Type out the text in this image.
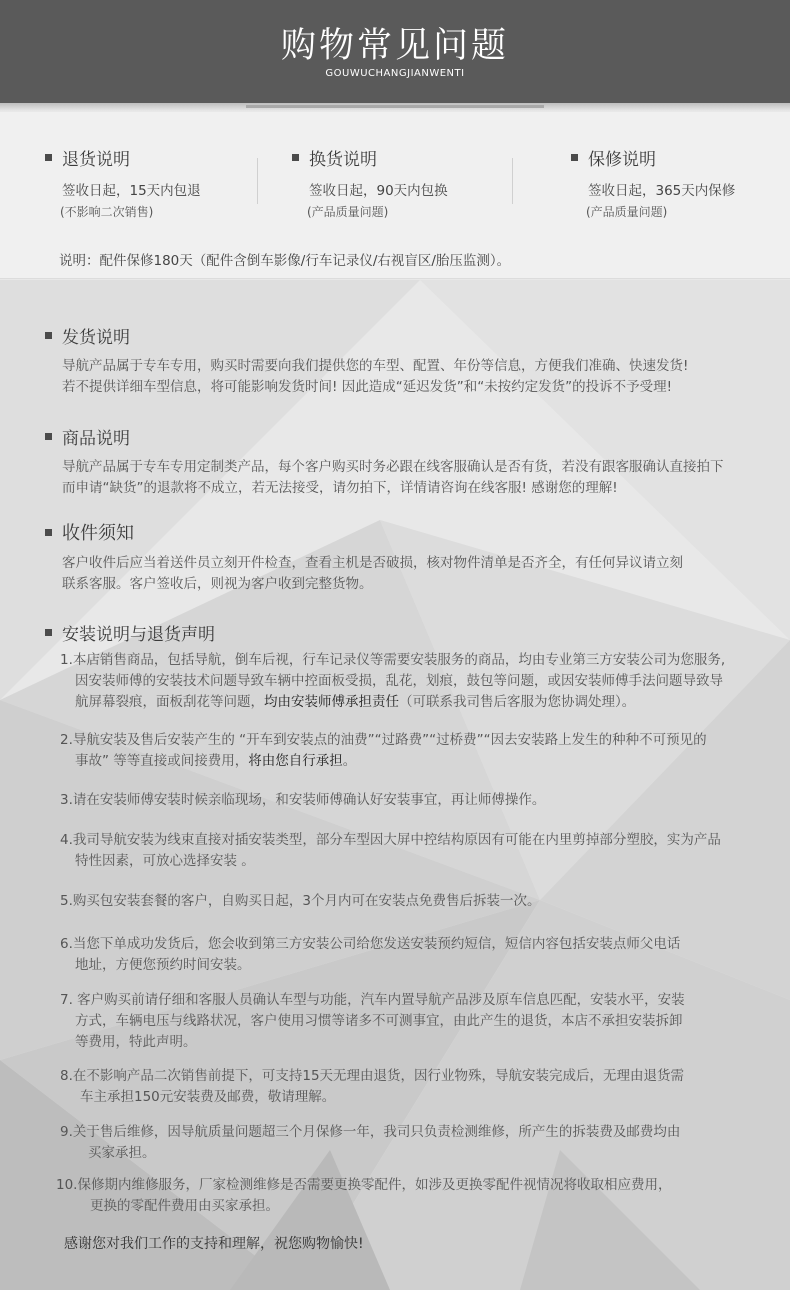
购物常见问题
GOUWUCHANGJIANWENTI
退货说明
签收日起，15天内包退
(不影响二次销售)
换货说明
签收日起，90天内包换
(产品质量问题)
保修说明
签收日起，365天内保修
(产品质量问题)
说明：配件保修180天（配件含倒车影像/行车记录仪/右视盲区/胎压监测）。
发货说明
导航产品属于专车专用，购买时需要向我们提供您的车型、配置、年份等信息，方便我们准确、快速发货!
若不提供详细车型信息，将可能影响发货时间! 因此造成“延迟发货”和“未按约定发货”的投诉不予受理!
商品说明
导航产品属于专车专用定制类产品，每个客户购买时务必跟在线客服确认是否有货，若没有跟客服确认直接拍下
而申请“缺货”的退款将不成立，若无法接受，请勿拍下，详情请咨询在线客服! 感谢您的理解!
收件须知
客户收件后应当着送件员立刻开件检查，查看主机是否破损，核对物件清单是否齐全，有任何异议请立刻
联系客服。客户签收后，则视为客户收到完整货物。
安装说明与退货声明
1.本店销售商品，包括导航，倒车后视，行车记录仪等需要安装服务的商品，均由专业第三方安装公司为您服务,
因安装师傅的安装技术问题导致车辆中控面板受损，乱花，划痕，鼓包等问题，或因安装师傅手法问题导致导
航屏幕裂痕，面板刮花等问题，均由安装师傅承担责任（可联系我司售后客服为您协调处理）。
2.导航安装及售后安装产生的 “开车到安装点的油费”“过路费”“过桥费”“因去安装路上发生的种种不可预见的
事故” 等等直接或间接费用，将由您自行承担。
3.请在安装师傅安装时候亲临现场，和安装师傅确认好安装事宜，再让师傅操作。
4.我司导航安装为线束直接对插安装类型，部分车型因大屏中控结构原因有可能在内里剪掉部分塑胶，实为产品
特性因素，可放心选择安装 。
5.购买包安装套餐的客户，自购买日起，3个月内可在安装点免费售后拆装一次。
6.当您下单成功发货后，您会收到第三方安装公司给您发送安装预约短信，短信内容包括安装点师父电话
地址，方便您预约时间安装。
7. 客户购买前请仔细和客服人员确认车型与功能，汽车内置导航产品涉及原车信息匹配，安装水平，安装
方式，车辆电压与线路状况，客户使用习惯等诸多不可测事宜，由此产生的退货，本店不承担安装拆卸
等费用，特此声明。
8.在不影响产品二次销售前提下，可支持15天无理由退货，因行业物殊，导航安装完成后，无理由退货需
车主承担150元安装费及邮费，敬请理解。
9.关于售后维修，因导航质量问题超三个月保修一年，我司只负责检测维修，所产生的拆装费及邮费均由
买家承担。
10.保修期内维修服务，厂家检测维修是否需要更换零配件，如涉及更换零配件视情况将收取相应费用，
更换的零配件费用由买家承担。
感谢您对我们工作的支持和理解，祝您购物愉快!
